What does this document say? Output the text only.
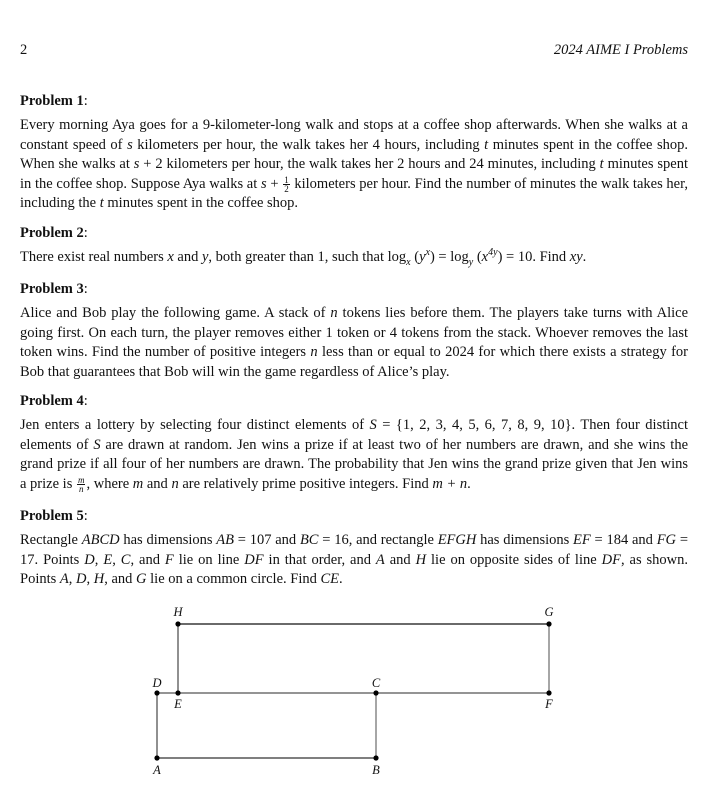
2	2024 AIME I Problems
Problem 1:

Every morning Aya goes for a 9-kilometer-long walk and stops at a coffee shop afterwards. When she walks at a constant speed of s kilometers per hour, the walk takes her 4 hours, including t minutes spent in the coffee shop. When she walks at s + 2 kilometers per hour, the walk takes her 2 hours and 24 minutes, including t minutes spent in the coffee shop. Suppose Aya walks at $s + \frac{1}{2}$ kilometers per hour. Find the number of minutes the walk takes her, including the t minutes spent in the coffee shop.

Problem 2:

There exist real numbers x and y, both greater than 1, such that $\log_x (y^x) = \log_y (x^{4y}) = 10$. Find xy.

Problem 3:

Alice and Bob play the following game. A stack of n tokens lies before them. The players take turns with Alice going first. On each turn, the player removes either 1 token or 4 tokens from the stack. Whoever removes the last token wins. Find the number of positive integers n less than or equal to 2024 for which there exists a strategy for Bob that guarantees that Bob will win the game regardless of Alice’s play.

Problem 4:

Jen enters a lottery by selecting four distinct elements of S = {1, 2, 3, 4, 5, 6, 7, 8, 9, 10}. Then four distinct elements of S are drawn at random. Jen wins a prize if at least two of her numbers are drawn, and she wins the grand prize if all four of her numbers are drawn. The probability that Jen wins the grand prize given that Jen wins a prize is $\frac{m}{n}$ , where m and n are relatively prime positive integers. Find m + n.

Problem 5:

Rectangle ABCD has dimensions AB = 107 and BC = 16, and rectangle EFGH has dimensions EF = 184 and FG = 17. Points D, E, C, and F lie on line DF in that order, and A and H lie on opposite sides of line DF, as shown. Points A, D, H, and G lie on a common circle. Find CE.

H	G
D
E
C
F
A	B
